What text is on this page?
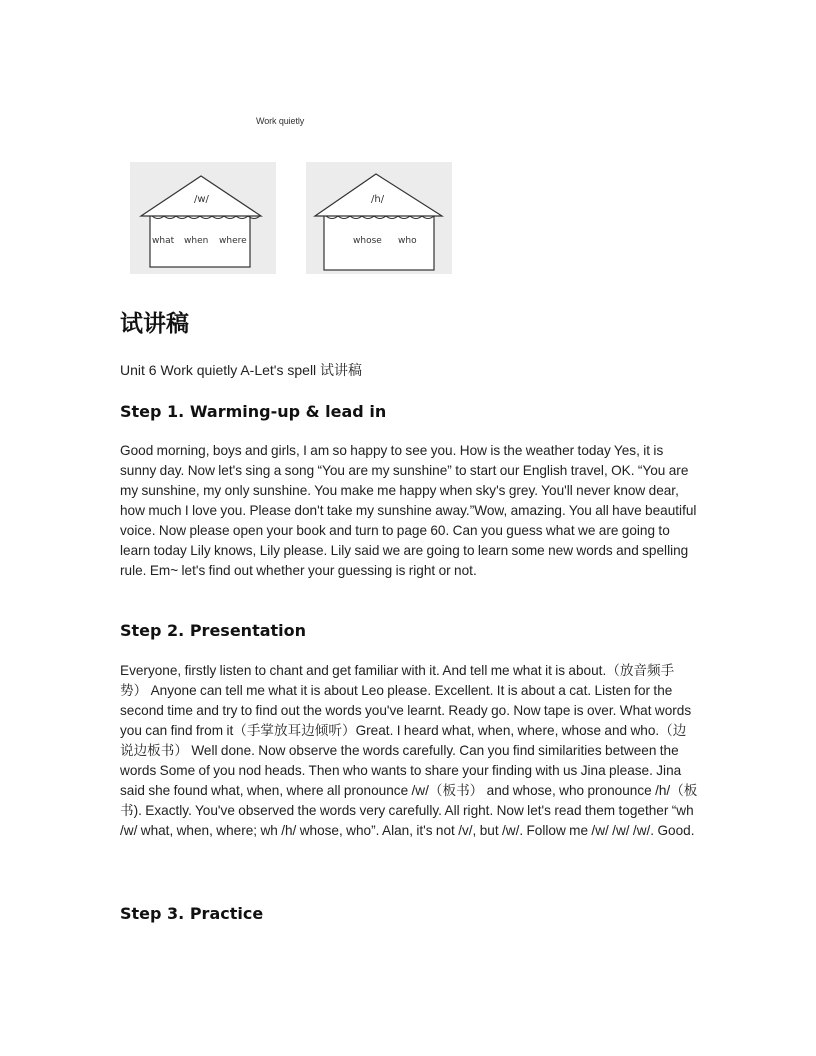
Work quietly
/w/
what when where
/h/
whose who
试讲稿

Unit 6 Work quietly A-Let's spell 试讲稿

Step 1. Warming-up & lead in

Good morning, boys and girls, I am so happy to see you. How is the weather today Yes, it is sunny day. Now let's sing a song “You are my sunshine” to start our English travel, OK. “You are my sunshine, my only sunshine. You make me happy when sky's grey. You'll never know dear, how much I love you. Please don't take my sunshine away.”Wow, amazing. You all have beautiful voice. Now please open your book and turn to page 60. Can you guess what we are going to learn today Lily knows, Lily please. Lily said we are going to learn some new words and spelling rule. Em~ let's find out whether your guessing is right or not.

Step 2. Presentation

Everyone, firstly listen to chant and get familiar with it. And tell me what it is about.（放音频手势） Anyone can tell me what it is about Leo please. Excellent. It is about a cat. Listen for the second time and try to find out the words you've learnt. Ready go. Now tape is over. What words you can find from it（手掌放耳边倾听）Great. I heard what, when, where, whose and who.（边说边板书） Well done. Now observe the words carefully. Can you find similarities between the words Some of you nod heads. Then who wants to share your finding with us Jina please. Jina said she found what, when, where all pronounce /w/（板书） and whose, who pronounce /h/（板书). Exactly. You've observed the words very carefully. All right. Now let's read them together “wh /w/ what, when, where; wh /h/ whose, who”. Alan, it's not /v/, but /w/. Follow me /w/ /w/ /w/. Good.

Step 3. Practice
